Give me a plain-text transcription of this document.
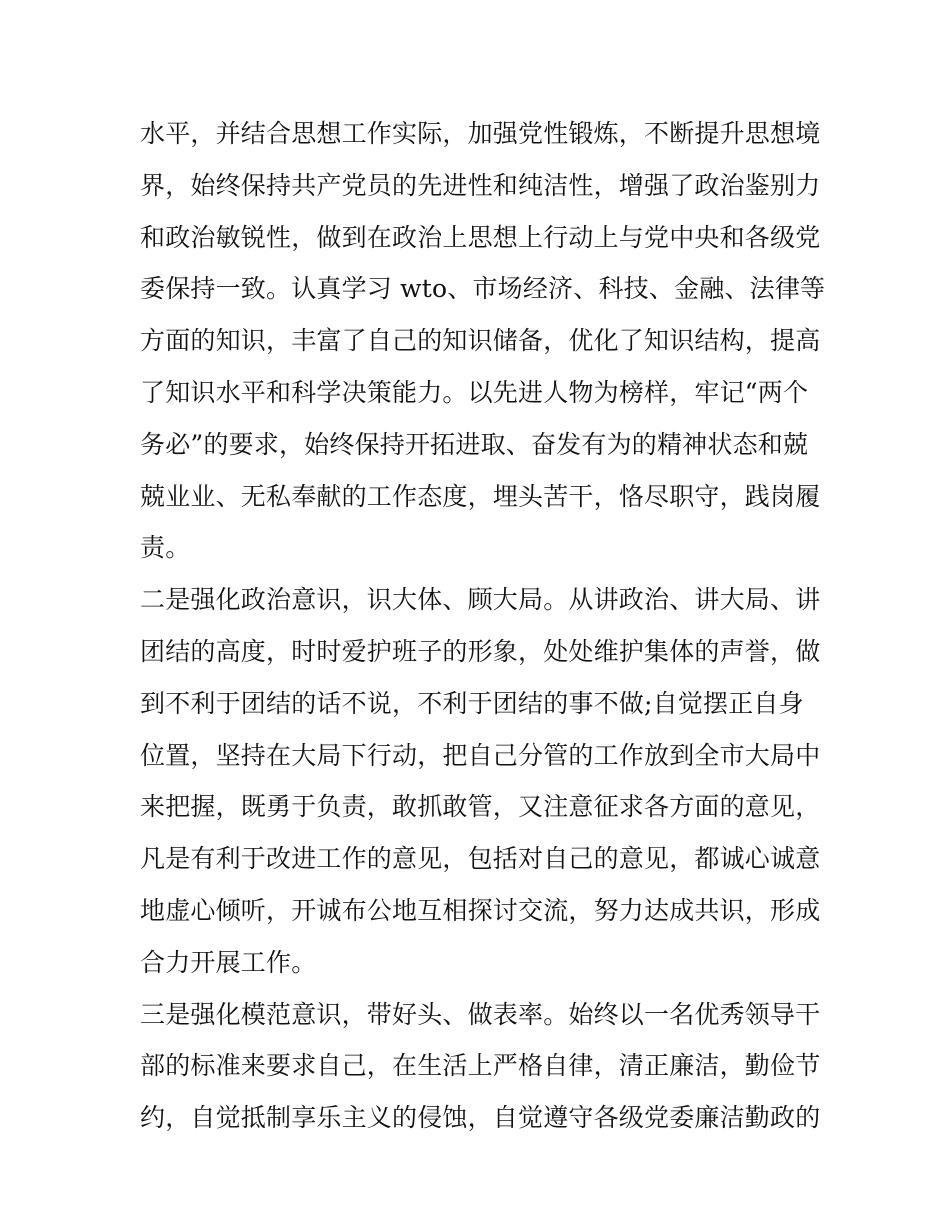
水平，并结合思想工作实际，加强党性锻炼，不断提升思想境
界，始终保持共产党员的先进性和纯洁性，增强了政治鉴别力
和政治敏锐性，做到在政治上思想上行动上与党中央和各级党
委保持一致。认真学习 wto、市场经济、科技、金融、法律等
方面的知识，丰富了自己的知识储备，优化了知识结构，提高
了知识水平和科学决策能力。以先进人物为榜样，牢记“两个
务必”的要求，始终保持开拓进取、奋发有为的精神状态和兢
兢业业、无私奉献的工作态度，埋头苦干，恪尽职守，践岗履
责。
二是强化政治意识，识大体、顾大局。从讲政治、讲大局、讲
团结的高度，时时爱护班子的形象，处处维护集体的声誉，做
到不利于团结的话不说，不利于团结的事不做;自觉摆正自身
位置，坚持在大局下行动，把自己分管的工作放到全市大局中
来把握，既勇于负责，敢抓敢管，又注意征求各方面的意见，
凡是有利于改进工作的意见，包括对自己的意见，都诚心诚意
地虚心倾听，开诚布公地互相探讨交流，努力达成共识，形成
合力开展工作。
三是强化模范意识，带好头、做表率。始终以一名优秀领导干
部的标准来要求自己，在生活上严格自律，清正廉洁，勤俭节
约，自觉抵制享乐主义的侵蚀，自觉遵守各级党委廉洁勤政的
